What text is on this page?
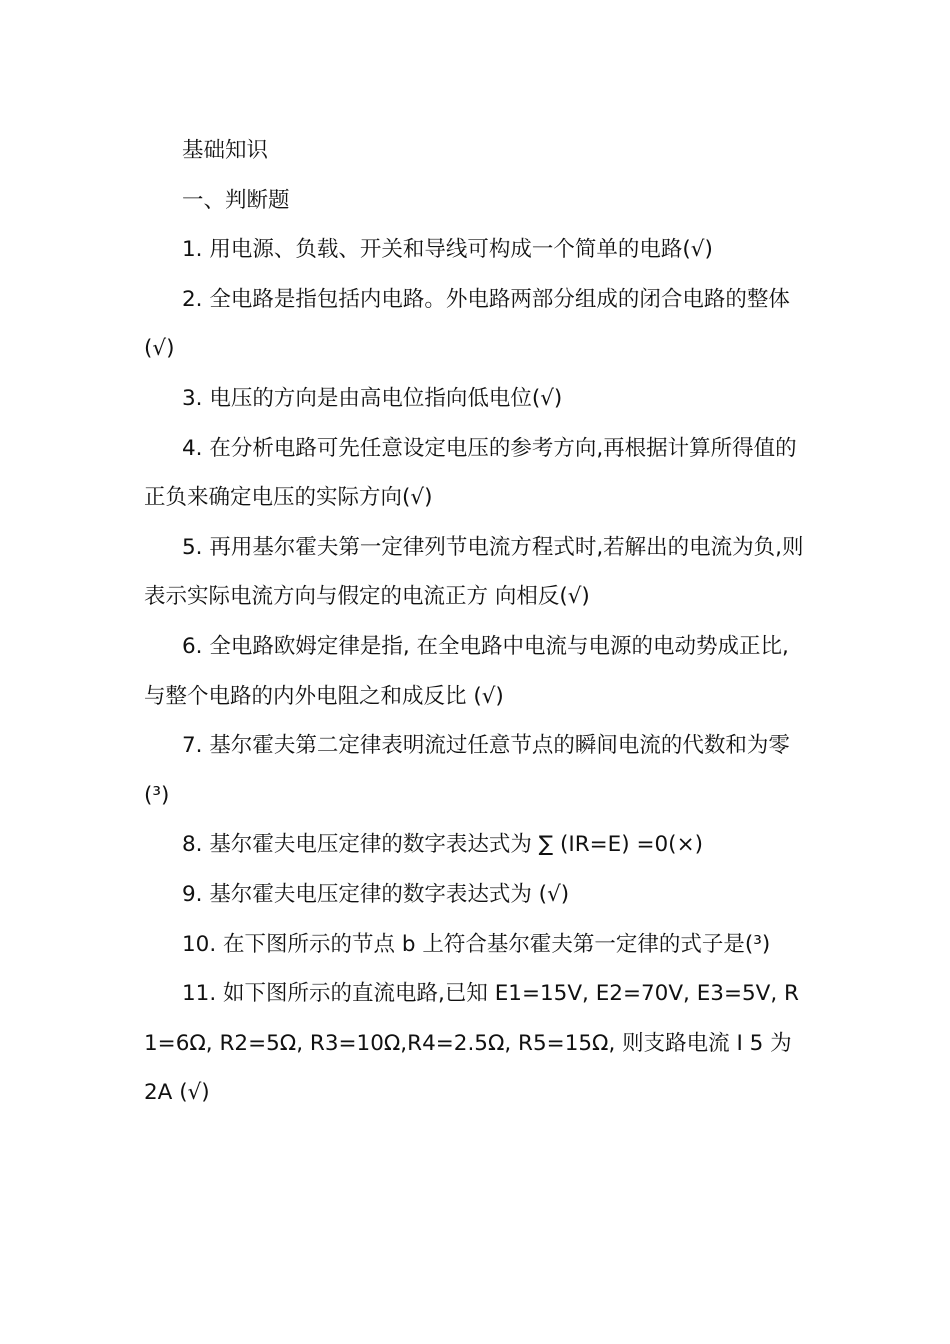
基础知识

一、判断题

1. 用电源、负载、开关和导线可构成一个简单的电路(√)

2. 全电路是指包括内电路。外电路两部分组成的闭合电路的整体(√)

3. 电压的方向是由高电位指向低电位(√)

4. 在分析电路可先任意设定电压的参考方向,再根据计算所得值的正负来确定电压的实际方向(√)

5. 再用基尔霍夫第一定律列节电流方程式时,若解出的电流为负,则表示实际电流方向与假定的电流正方 向相反(√)

6. 全电路欧姆定律是指, 在全电路中电流与电源的电动势成正比, 与整个电路的内外电阻之和成反比 (√)

7. 基尔霍夫第二定律表明流过任意节点的瞬间电流的代数和为零(³)

8. 基尔霍夫电压定律的数字表达式为 ∑ (IR=E) =0(×)

9. 基尔霍夫电压定律的数字表达式为 (√)

10. 在下图所示的节点 b 上符合基尔霍夫第一定律的式子是(³)

11. 如下图所示的直流电路,已知 E1=15V, E2=70V, E3=5V, R1=6Ω, R2=5Ω, R3=10Ω,R4=2.5Ω, R5=15Ω, 则支路电流 I 5 为 2A (√)
